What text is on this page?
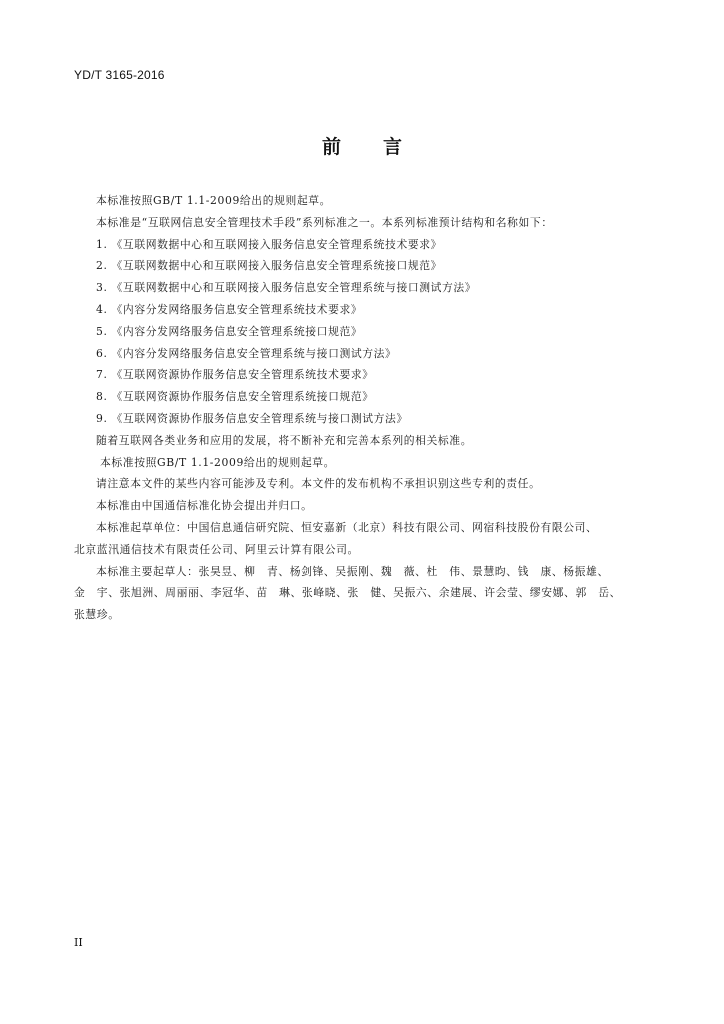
YD/T 3165-2016
前 言
本标准按照GB/T 1.1-2009给出的规则起草。
本标准是“互联网信息安全管理技术手段”系列标准之一。本系列标准预计结构和名称如下：
1. 《互联网数据中心和互联网接入服务信息安全管理系统技术要求》
2. 《互联网数据中心和互联网接入服务信息安全管理系统接口规范》
3. 《互联网数据中心和互联网接入服务信息安全管理系统与接口测试方法》
4. 《内容分发网络服务信息安全管理系统技术要求》
5. 《内容分发网络服务信息安全管理系统接口规范》
6. 《内容分发网络服务信息安全管理系统与接口测试方法》
7. 《互联网资源协作服务信息安全管理系统技术要求》
8. 《互联网资源协作服务信息安全管理系统接口规范》
9. 《互联网资源协作服务信息安全管理系统与接口测试方法》
随着互联网各类业务和应用的发展，将不断补充和完善本系列的相关标准。
本标准按照GB/T 1.1-2009给出的规则起草。
请注意本文件的某些内容可能涉及专利。本文件的发布机构不承担识别这些专利的责任。
本标准由中国通信标准化协会提出并归口。
本标准起草单位：中国信息通信研究院、恒安嘉新（北京）科技有限公司、网宿科技股份有限公司、
北京蓝汛通信技术有限责任公司、阿里云计算有限公司。
本标准主要起草人：张昊昱、柳　青、杨剑锋、吴振刚、魏　薇、杜　伟、景慧昀、钱　康、杨振雄、
金　宇、张旭洲、周丽丽、李冠华、苗　琳、张峰晓、张　健、吴振六、余建展、许会莹、缪安娜、郭　岳、
张慧珍。
II
